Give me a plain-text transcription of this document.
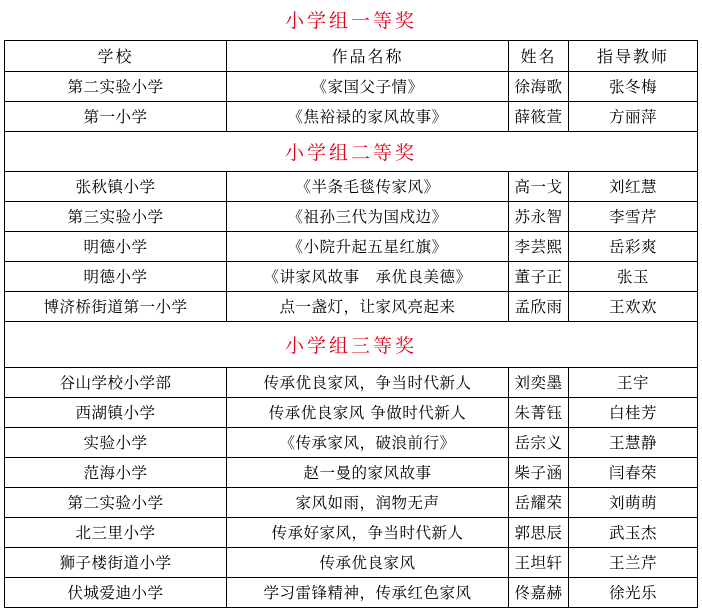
小学组一等奖			
学校	作品名称	姓名	指导教师
第二实验小学	《家国父子情》	徐海歌	张冬梅
第一小学	《焦裕禄的家风故事》	薛筱萱	方丽萍
小学组二等奖			
张秋镇小学	《半条毛毯传家风》	高一戈	刘红慧
第三实验小学	《祖孙三代为国戍边》	苏永智	李雪芹
明德小学	《小院升起五星红旗》	李芸熙	岳彩爽
明德小学	《讲家风故事　承优良美德》	董子正	张玉
博济桥街道第一小学	点一盏灯，让家风亮起来	孟欣雨	王欢欢
小学组三等奖			
谷山学校小学部	传承优良家风，争当时代新人	刘奕墨	王宇
西湖镇小学	传承优良家风 争做时代新人	朱菁钰	白桂芳
实验小学	《传承家风，破浪前行》	岳宗义	王慧静
范海小学	赵一曼的家风故事	柴子涵	闫春荣
第二实验小学	家风如雨，润物无声	岳耀荣	刘萌萌
北三里小学	传承好家风，争当时代新人	郭思辰	武玉杰
狮子楼街道小学	传承优良家风	王坦轩	王兰芹
伏城爱迪小学	学习雷锋精神，传承红色家风	佟嘉赫	徐光乐
